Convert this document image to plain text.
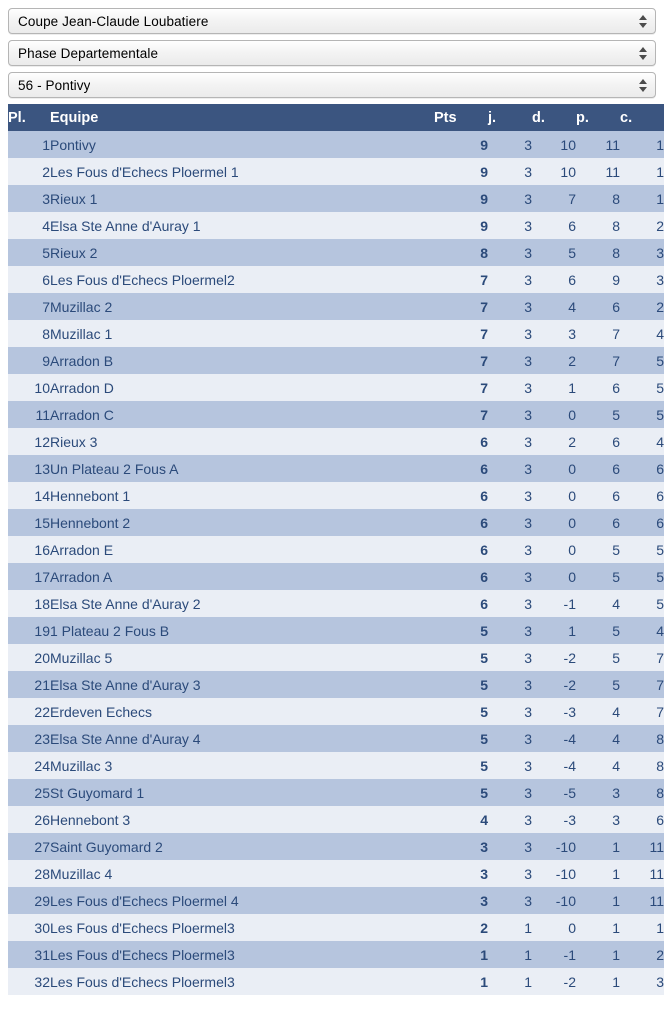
Coupe Jean-Claude Loubatiere
Phase Departementale
56 - Pontivy
Pl.	Equipe	Pts	j.	d.	p.	c.
1	Pontivy	9	3	10	11	1
2	Les Fous d'Echecs Ploermel 1	9	3	10	11	1
3	Rieux 1	9	3	7	8	1
4	Elsa Ste Anne d'Auray 1	9	3	6	8	2
5	Rieux 2	8	3	5	8	3
6	Les Fous d'Echecs Ploermel2	7	3	6	9	3
7	Muzillac 2	7	3	4	6	2
8	Muzillac 1	7	3	3	7	4
9	Arradon B	7	3	2	7	5
10	Arradon D	7	3	1	6	5
11	Arradon C	7	3	0	5	5
12	Rieux 3	6	3	2	6	4
13	Un Plateau 2 Fous A	6	3	0	6	6
14	Hennebont 1	6	3	0	6	6
15	Hennebont 2	6	3	0	6	6
16	Arradon E	6	3	0	5	5
17	Arradon A	6	3	0	5	5
18	Elsa Ste Anne d'Auray 2	6	3	-1	4	5
19	1 Plateau 2 Fous B	5	3	1	5	4
20	Muzillac 5	5	3	-2	5	7
21	Elsa Ste Anne d'Auray 3	5	3	-2	5	7
22	Erdeven Echecs	5	3	-3	4	7
23	Elsa Ste Anne d'Auray 4	5	3	-4	4	8
24	Muzillac 3	5	3	-4	4	8
25	St Guyomard 1	5	3	-5	3	8
26	Hennebont 3	4	3	-3	3	6
27	Saint Guyomard 2	3	3	-10	1	11
28	Muzillac 4	3	3	-10	1	11
29	Les Fous d'Echecs Ploermel 4	3	3	-10	1	11
30	Les Fous d'Echecs Ploermel3	2	1	0	1	1
31	Les Fous d'Echecs Ploermel3	1	1	-1	1	2
32	Les Fous d'Echecs Ploermel3	1	1	-2	1	3
